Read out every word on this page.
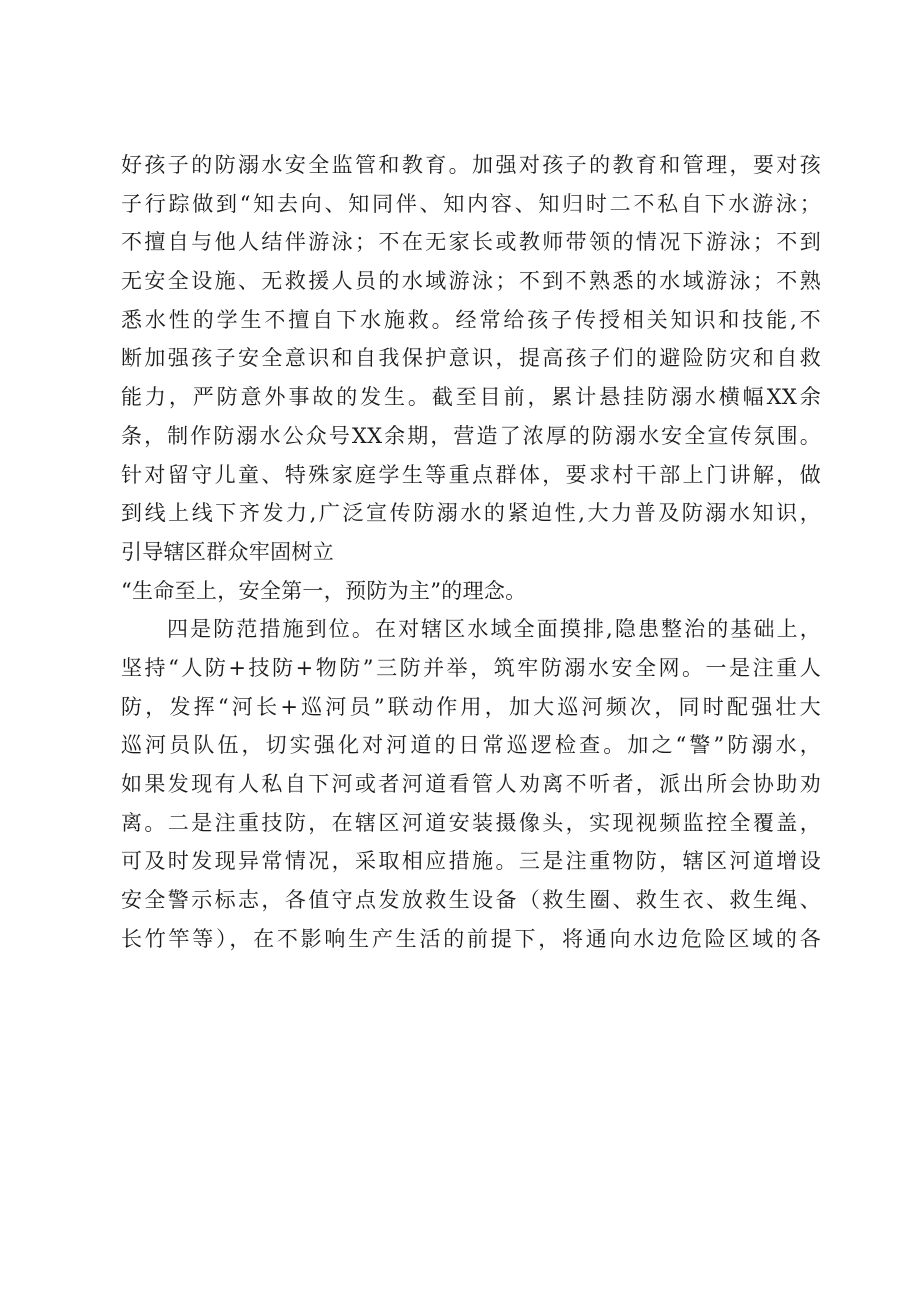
好孩子的防溺水安全监管和教育。加强对孩子的教育和管理，要对孩
子行踪做到“知去向、知同伴、知内容、知归时二不私自下水游泳；
不擅自与他人结伴游泳；不在无家长或教师带领的情况下游泳；不到
无安全设施、无救援人员的水域游泳；不到不熟悉的水域游泳；不熟
悉水性的学生不擅自下水施救。经常给孩子传授相关知识和技能,不
断加强孩子安全意识和自我保护意识，提高孩子们的避险防灾和自救
能力，严防意外事故的发生。截至目前，累计悬挂防溺水横幅XX余
条，制作防溺水公众号XX余期，营造了浓厚的防溺水安全宣传氛围。
针对留守儿童、特殊家庭学生等重点群体，要求村干部上门讲解，做
到线上线下齐发力,广泛宣传防溺水的紧迫性,大力普及防溺水知识，
引导辖区群众牢固树立
“生命至上，安全第一，预防为主”的理念。
四是防范措施到位。在对辖区水域全面摸排,隐患整治的基础上，
坚持“人防+技防+物防”三防并举，筑牢防溺水安全网。一是注重人
防，发挥“河长+巡河员”联动作用，加大巡河频次，同时配强壮大
巡河员队伍，切实强化对河道的日常巡逻检查。加之“警”防溺水，
如果发现有人私自下河或者河道看管人劝离不听者，派出所会协助劝
离。二是注重技防，在辖区河道安装摄像头，实现视频监控全覆盖，
可及时发现异常情况，采取相应措施。三是注重物防，辖区河道增设
安全警示标志，各值守点发放救生设备（救生圈、救生衣、救生绳、
长竹竿等），在不影响生产生活的前提下，将通向水边危险区域的各
